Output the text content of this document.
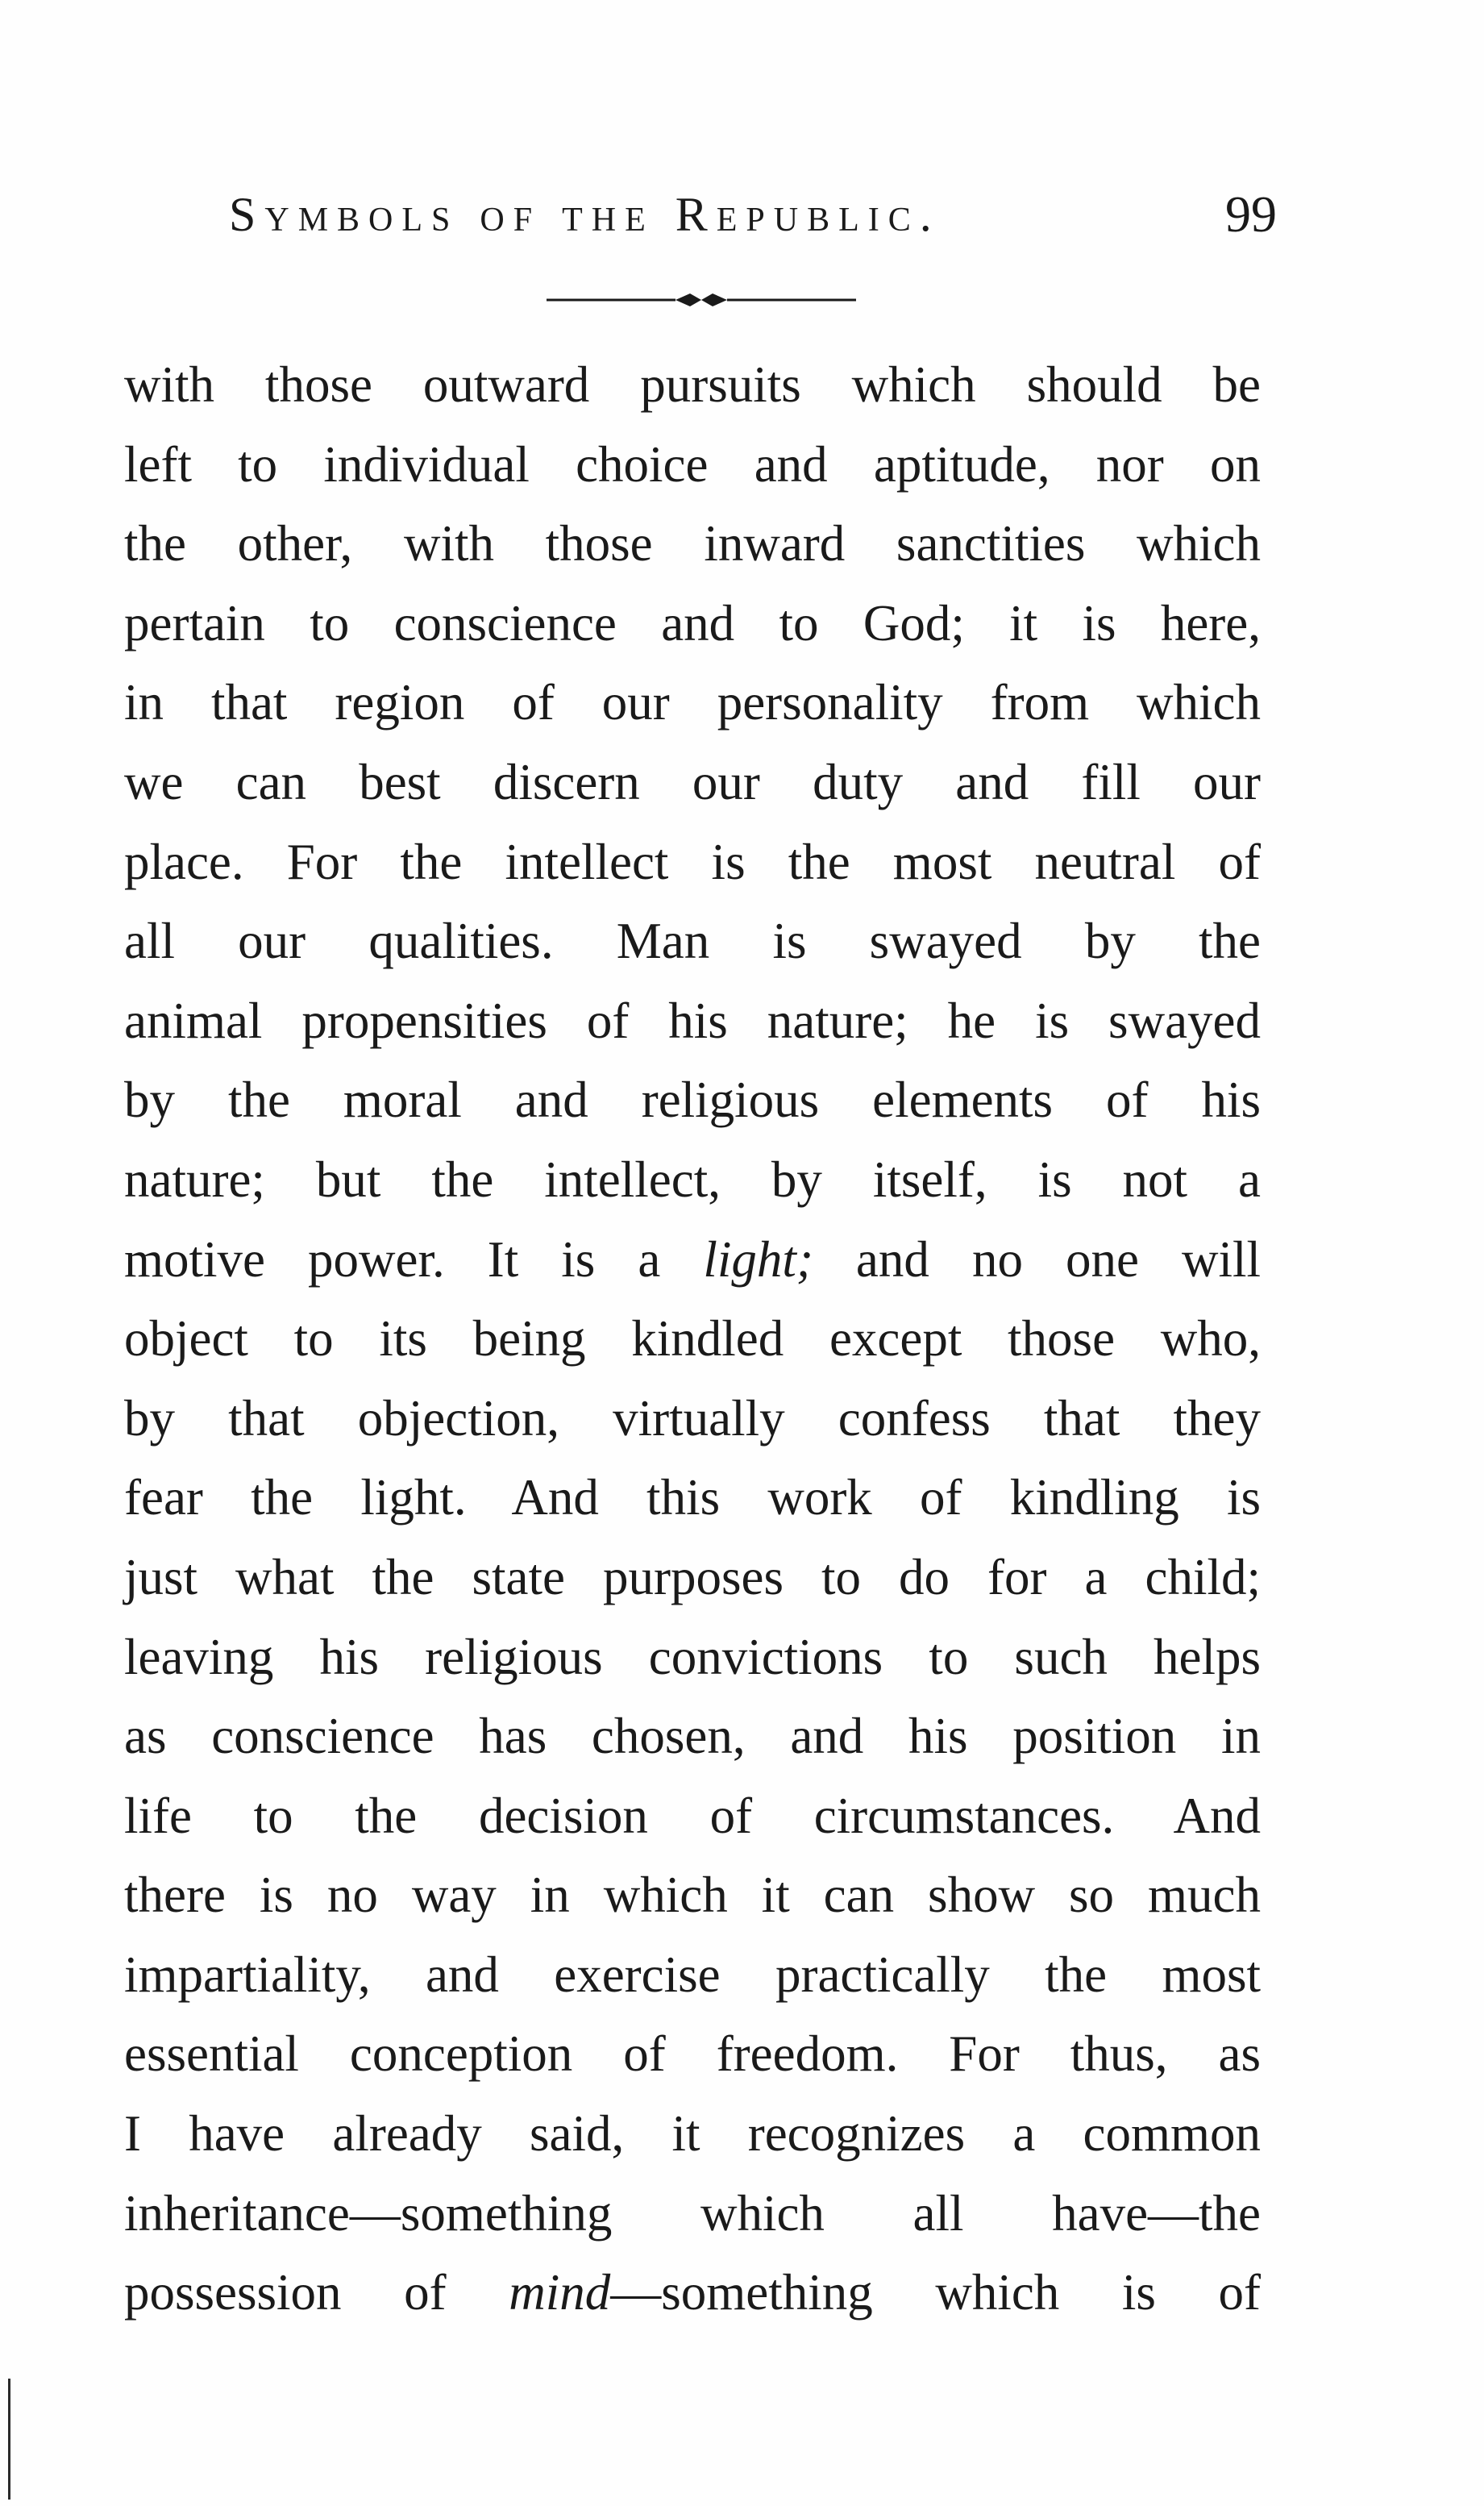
Symbols of the Republic.	99
with those outward pursuits which should be
left to individual choice and aptitude, nor on
the other, with those inward sanctities which
pertain to conscience and to God; it is here,
in that region of our personality from which
we can best discern our duty and fill our
place. For the intellect is the most neutral of
all our qualities. Man is swayed by the
animal propensities of his nature; he is swayed
by the moral and religious elements of his
nature; but the intellect, by itself, is not a
motive power. It is a light; and no one will
object to its being kindled except those who,
by that objection, virtually confess that they
fear the light. And this work of kindling is
just what the state purposes to do for a child;
leaving his religious convictions to such helps
as conscience has chosen, and his position in
life to the decision of circumstances. And
there is no way in which it can show so much
impartiality, and exercise practically the most
essential conception of freedom. For thus, as
I have already said, it recognizes a common
inheritance—something which all have—the
possession of mind—something which is of
